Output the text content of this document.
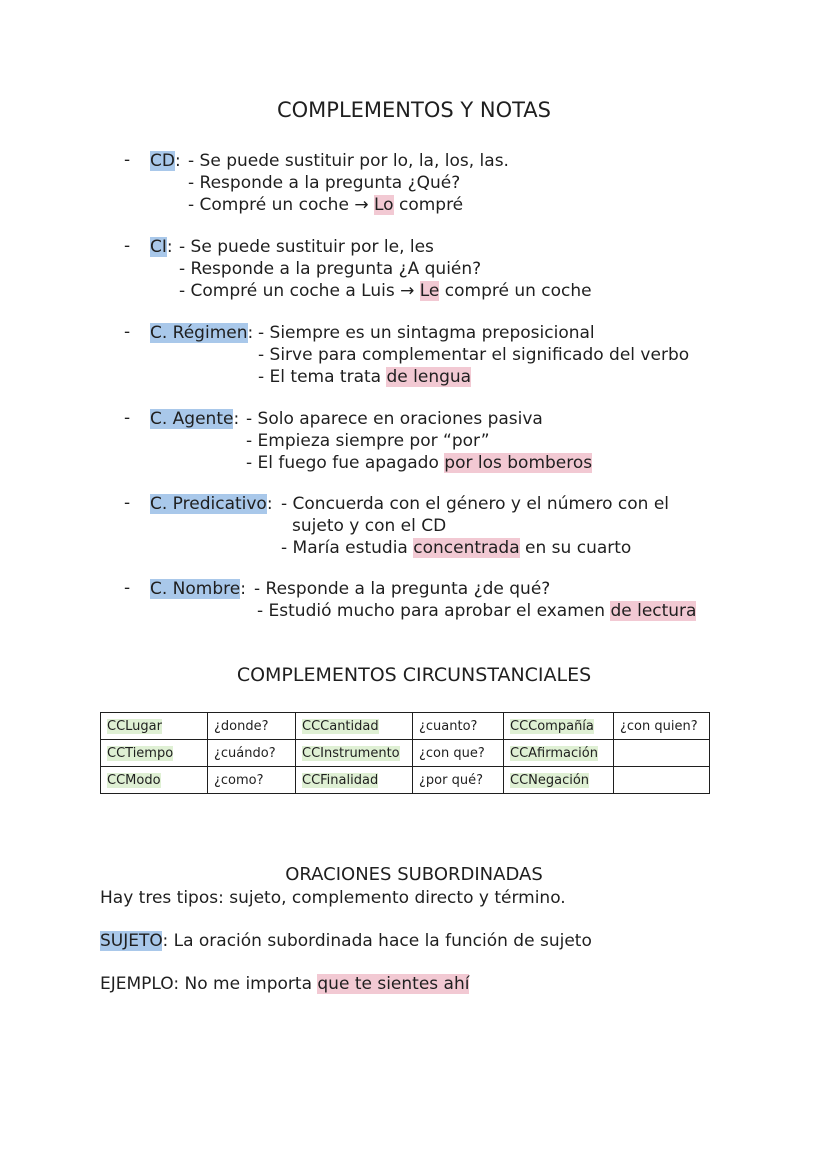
COMPLEMENTOS Y NOTAS
- CD: - Se puede sustituir por lo, la, los, las.
- Responde a la pregunta ¿Qué?
- Compré un coche → Lo compré
- CI: - Se puede sustituir por le, les
- Responde a la pregunta ¿A quién?
- Compré un coche a Luis → Le compré un coche
- C. Régimen: - Siempre es un sintagma preposicional
- Sirve para complementar el significado del verbo
- El tema trata de lengua
- C. Agente: - Solo aparece en oraciones pasiva
- Empieza siempre por “por”
- El fuego fue apagado por los bomberos
- C. Predicativo: - Concuerda con el género y el número con el
sujeto y con el CD
- María estudia concentrada en su cuarto
- C. Nombre: - Responde a la pregunta ¿de qué?
- Estudió mucho para aprobar el examen de lectura
COMPLEMENTOS CIRCUNSTANCIALES
CCLugar	¿donde?	CCCantidad	¿cuanto?	CCCompañía	¿con quien?
CCTiempo	¿cuándo?	CCInstrumento	¿con que?	CCAfirmación	
CCModo	¿como?	CCFinalidad	¿por qué?	CCNegación	
ORACIONES SUBORDINADAS
Hay tres tipos: sujeto, complemento directo y término.
SUJETO: La oración subordinada hace la función de sujeto
EJEMPLO: No me importa que te sientes ahí
